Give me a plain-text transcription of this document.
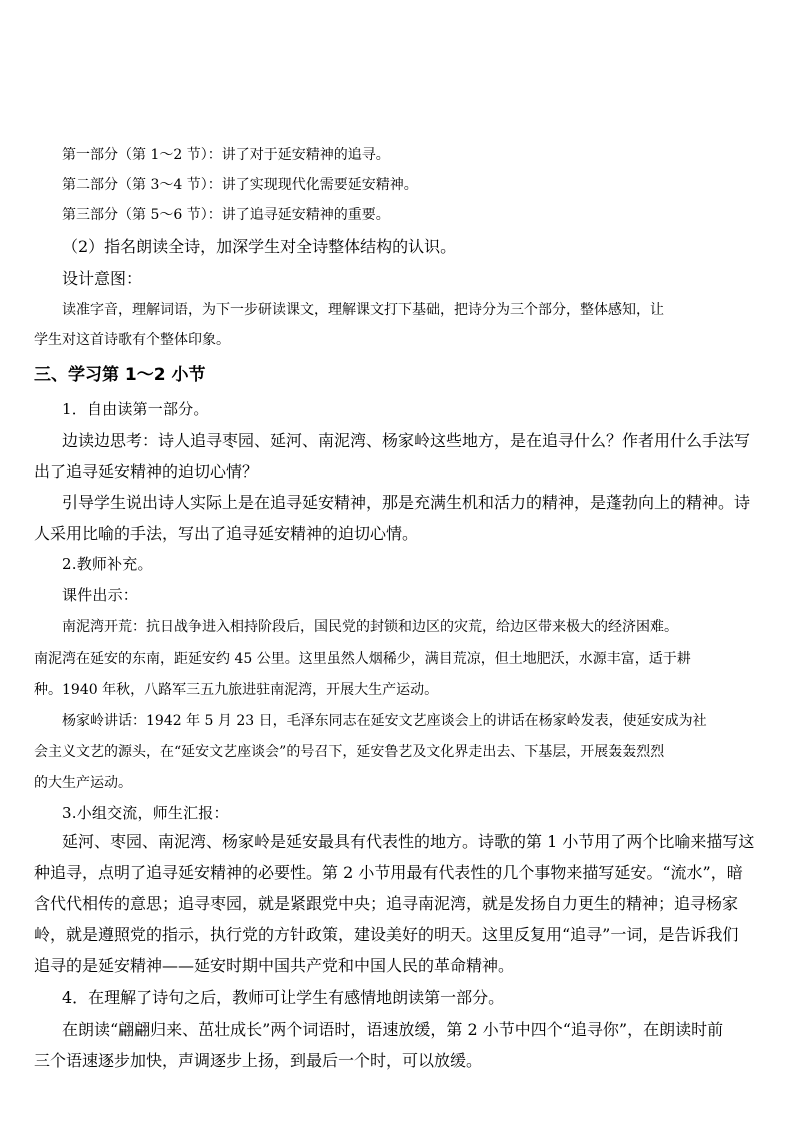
第一部分（第 1～2 节）：讲了对于延安精神的追寻。
第二部分（第 3～4 节）：讲了实现现代化需要延安精神。
第三部分（第 5～6 节）：讲了追寻延安精神的重要。
（2）指名朗读全诗，加深学生对全诗整体结构的认识。
设计意图：
读准字音，理解词语，为下一步研读课文，理解课文打下基础，把诗分为三个部分，整体感知，让
学生对这首诗歌有个整体印象。
三、学习第 1～2 小节
1．自由读第一部分。
边读边思考：诗人追寻枣园、延河、南泥湾、杨家岭这些地方，是在追寻什么？作者用什么手法写
出了追寻延安精神的迫切心情？
引导学生说出诗人实际上是在追寻延安精神，那是充满生机和活力的精神，是蓬勃向上的精神。诗
人采用比喻的手法，写出了追寻延安精神的迫切心情。
2.教师补充。
课件出示：
南泥湾开荒：抗日战争进入相持阶段后，国民党的封锁和边区的灾荒，给边区带来极大的经济困难。
南泥湾在延安的东南，距延安约 45 公里。这里虽然人烟稀少，满目荒凉，但土地肥沃，水源丰富，适于耕
种。1940 年秋，八路军三五九旅进驻南泥湾，开展大生产运动。
杨家岭讲话：1942 年 5 月 23 日，毛泽东同志在延安文艺座谈会上的讲话在杨家岭发表，使延安成为社
会主义文艺的源头，在“延安文艺座谈会”的号召下，延安鲁艺及文化界走出去、下基层，开展轰轰烈烈
的大生产运动。
3.小组交流，师生汇报：
延河、枣园、南泥湾、杨家岭是延安最具有代表性的地方。诗歌的第 1 小节用了两个比喻来描写这
种追寻，点明了追寻延安精神的必要性。第 2 小节用最有代表性的几个事物来描写延安。“流水”，暗
含代代相传的意思；追寻枣园，就是紧跟党中央；追寻南泥湾，就是发扬自力更生的精神；追寻杨家
岭，就是遵照党的指示，执行党的方针政策，建设美好的明天。这里反复用“追寻”一词，是告诉我们
追寻的是延安精神——延安时期中国共产党和中国人民的革命精神。
4．在理解了诗句之后，教师可让学生有感情地朗读第一部分。
在朗读“翩翩归来、茁壮成长”两个词语时，语速放缓，第 2 小节中四个“追寻你”，在朗读时前
三个语速逐步加快，声调逐步上扬，到最后一个时，可以放缓。
